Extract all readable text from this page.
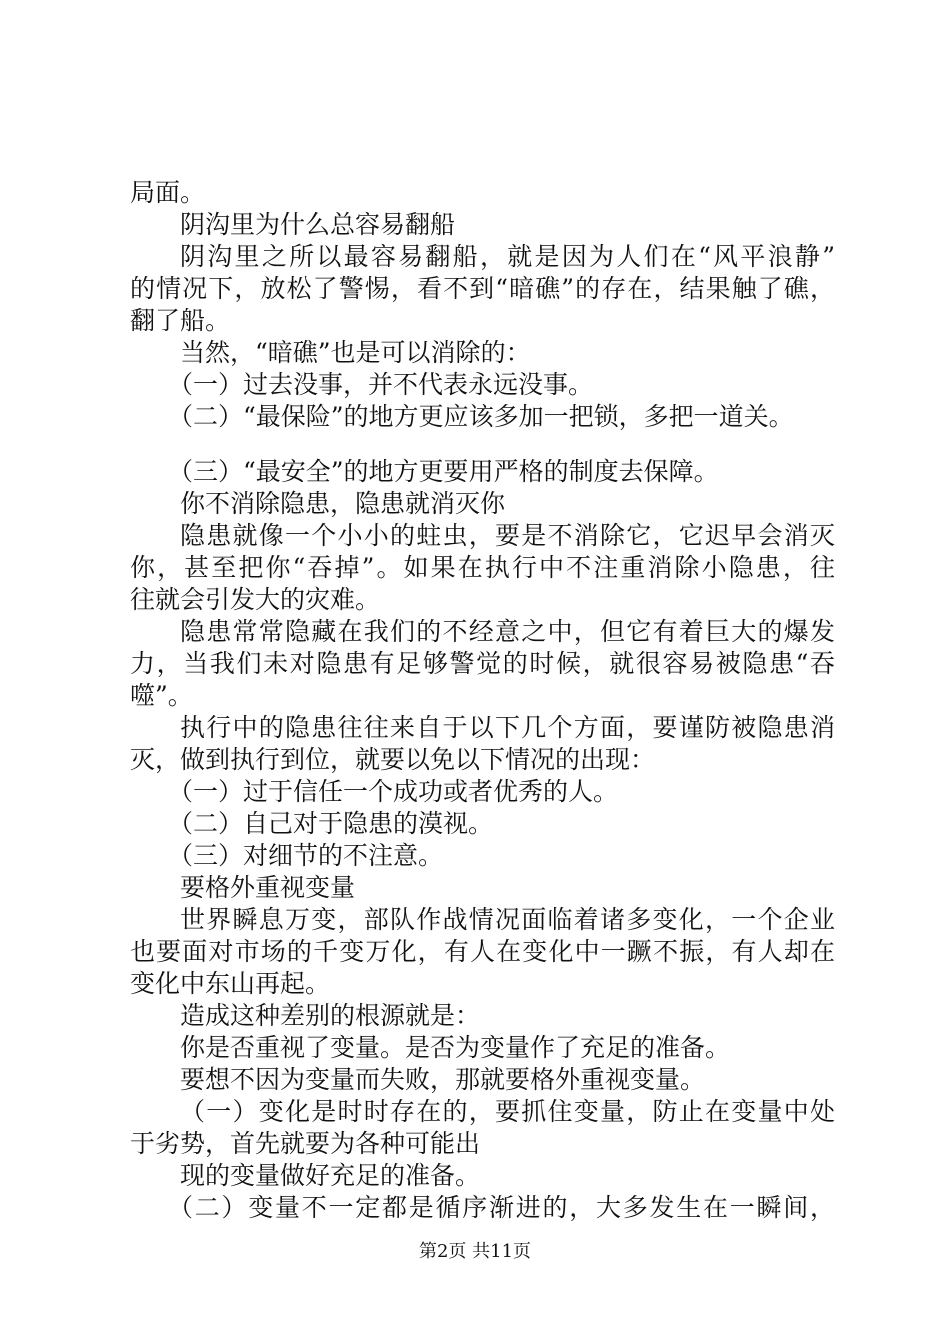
局面。
阴沟里为什么总容易翻船
阴沟里之所以最容易翻船，就是因为人们在“风平浪静”
的情况下，放松了警惕，看不到“暗礁”的存在，结果触了礁，
翻了船。
当然，“暗礁”也是可以消除的：
（一）过去没事，并不代表永远没事。
（二）“最保险”的地方更应该多加一把锁，多把一道关。
（三）“最安全”的地方更要用严格的制度去保障。
你不消除隐患，隐患就消灭你
隐患就像一个小小的蛀虫，要是不消除它，它迟早会消灭
你，甚至把你“吞掉”。如果在执行中不注重消除小隐患，往
往就会引发大的灾难。
隐患常常隐藏在我们的不经意之中，但它有着巨大的爆发
力，当我们未对隐患有足够警觉的时候，就很容易被隐患“吞
噬”。
执行中的隐患往往来自于以下几个方面，要谨防被隐患消
灭，做到执行到位，就要以免以下情况的出现：
（一）过于信任一个成功或者优秀的人。
（二）自己对于隐患的漠视。
（三）对细节的不注意。
要格外重视变量
世界瞬息万变，部队作战情况面临着诸多变化，一个企业
也要面对市场的千变万化，有人在变化中一蹶不振，有人却在
变化中东山再起。
造成这种差别的根源就是：
你是否重视了变量。是否为变量作了充足的准备。
要想不因为变量而失败，那就要格外重视变量。
（一）变化是时时存在的，要抓住变量，防止在变量中处
于劣势，首先就要为各种可能出
现的变量做好充足的准备。
（二）变量不一定都是循序渐进的，大多发生在一瞬间，
第2页 共11页
